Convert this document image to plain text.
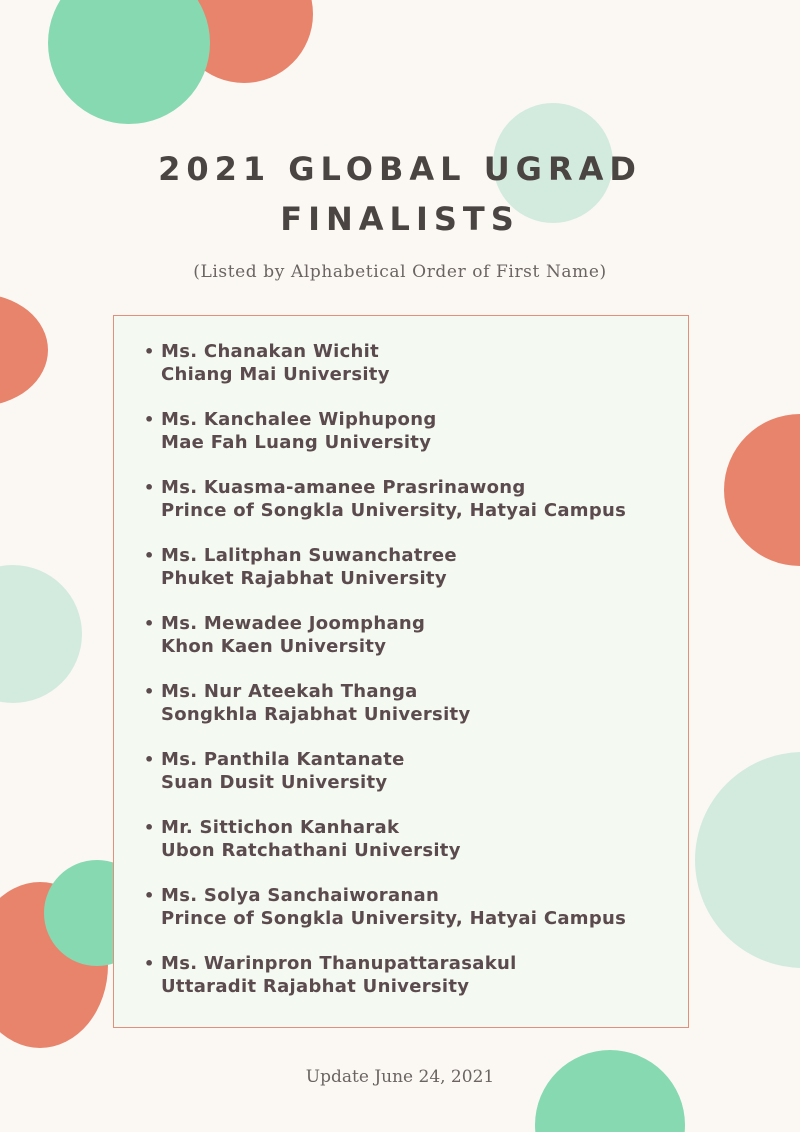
2021 GLOBAL UGRAD
FINALISTS
(Listed by Alphabetical Order of First Name)
• Ms. Chanakan Wichit
Chiang Mai University
• Ms. Kanchalee Wiphupong
Mae Fah Luang University
• Ms. Kuasma-amanee Prasrinawong
Prince of Songkla University, Hatyai Campus
• Ms. Lalitphan Suwanchatree
Phuket Rajabhat University
• Ms. Mewadee Joomphang
Khon Kaen University
• Ms. Nur Ateekah Thanga
Songkhla Rajabhat University
• Ms. Panthila Kantanate
Suan Dusit University
• Mr. Sittichon Kanharak
Ubon Ratchathani University
• Ms. Solya Sanchaiworanan
Prince of Songkla University, Hatyai Campus
• Ms. Warinpron Thanupattarasakul
Uttaradit Rajabhat University
Update June 24, 2021
